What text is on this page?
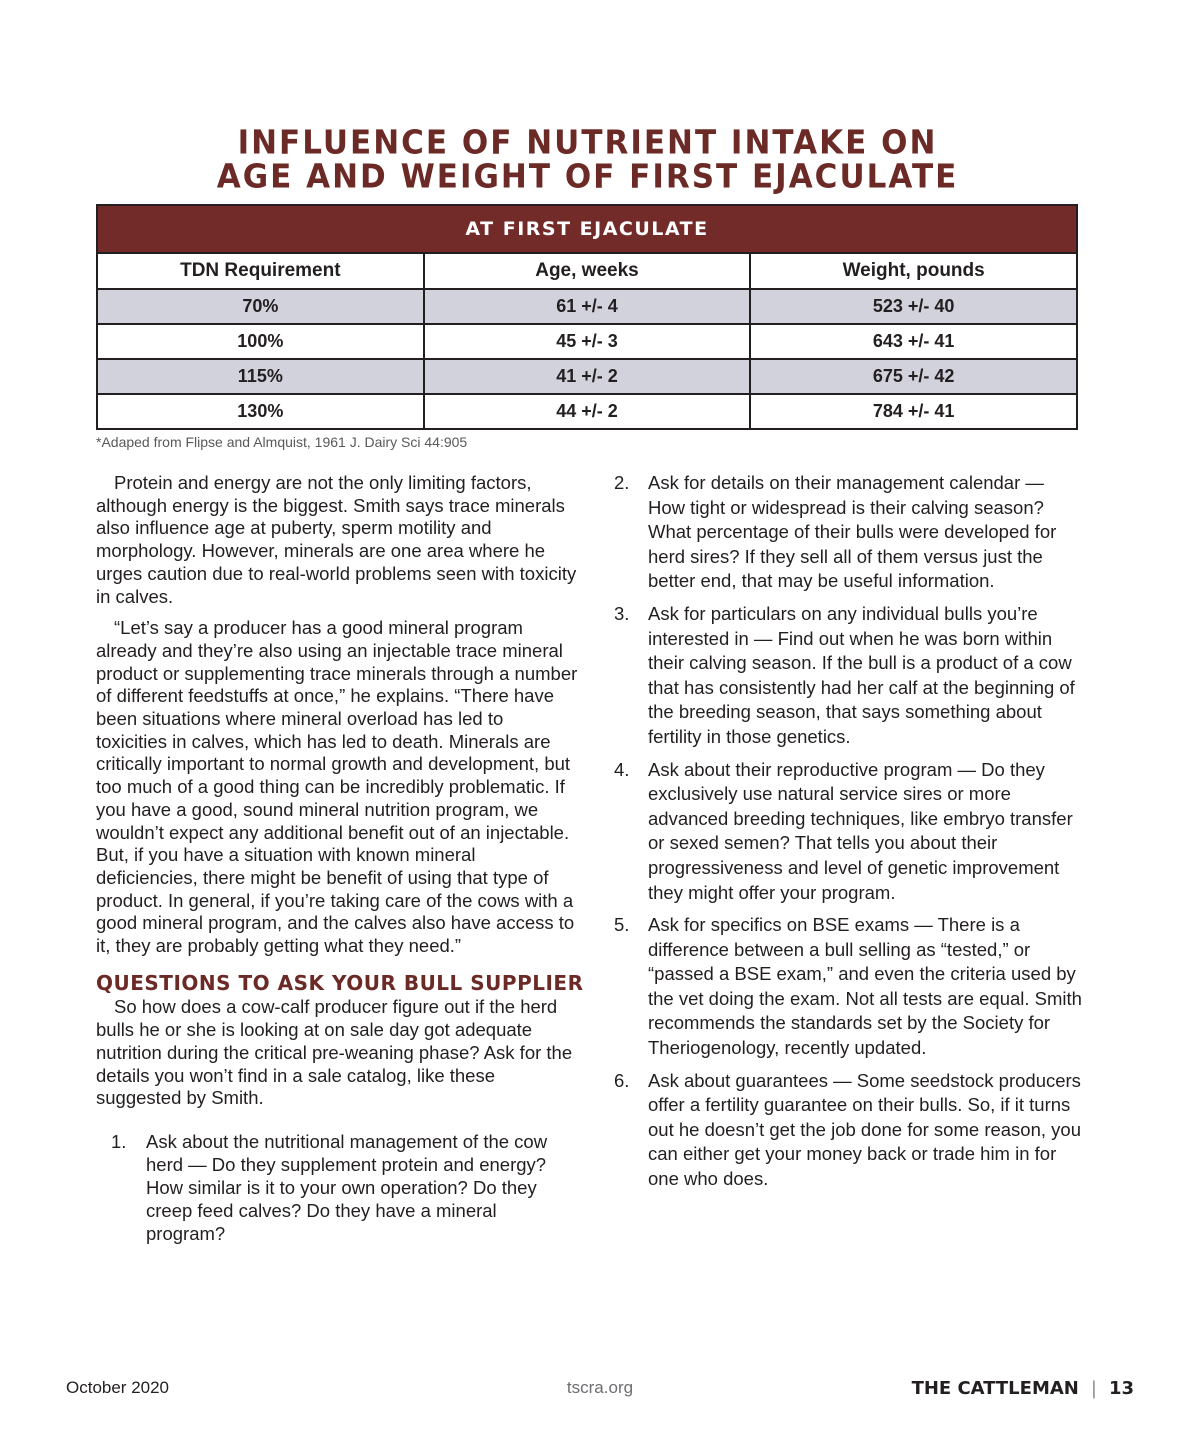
INFLUENCE OF NUTRIENT INTAKE ON
AGE AND WEIGHT OF FIRST EJACULATE
AT FIRST EJACULATE		
TDN Requirement	Age, weeks	Weight, pounds
70%	61 +/- 4	523 +/- 40
100%	45 +/- 3	643 +/- 41
115%	41 +/- 2	675 +/- 42
130%	44 +/- 2	784 +/- 41
*Adaped from Flipse and Almquist, 1961 J. Dairy Sci 44:905

Protein and energy are not the only limiting factors, although energy is the biggest. Smith says trace minerals also influence age at puberty, sperm motility and morphology. However, minerals are one area where he urges caution due to real-world problems seen with toxicity in calves.

“Let’s say a producer has a good mineral program already and they’re also using an injectable trace mineral product or supplementing trace minerals through a number of different feedstuffs at once,” he explains. “There have been situations where mineral overload has led to toxicities in calves, which has led to death. Minerals are critically important to normal growth and development, but too much of a good thing can be incredibly problematic. If you have a good, sound mineral nutrition program, we wouldn’t expect any additional benefit out of an injectable. But, if you have a situation with known mineral deficiencies, there might be benefit of using that type of product. In general, if you’re taking care of the cows with a good mineral program, and the calves also have access to it, they are probably getting what they need.”

QUESTIONS TO ASK YOUR BULL SUPPLIER

So how does a cow-calf producer figure out if the herd bulls he or she is looking at on sale day got adequate nutrition during the critical pre-weaning phase? Ask for the details you won’t find in a sale catalog, like these suggested by Smith.

1. Ask about the nutritional management of the cow herd — Do they supplement protein and energy? How similar is it to your own operation? Do they creep feed calves? Do they have a mineral program?
2. Ask for details on their management calendar — How tight or widespread is their calving season? What percentage of their bulls were developed for herd sires? If they sell all of them versus just the better end, that may be useful information.
3. Ask for particulars on any individual bulls you’re interested in — Find out when he was born within their calving season. If the bull is a product of a cow that has consistently had her calf at the beginning of the breeding season, that says something about fertility in those genetics.
4. Ask about their reproductive program — Do they exclusively use natural service sires or more advanced breeding techniques, like embryo transfer or sexed semen? That tells you about their progressiveness and level of genetic improvement they might offer your program.
5. Ask for specifics on BSE exams — There is a difference between a bull selling as “tested,” or “passed a BSE exam,” and even the criteria used by the vet doing the exam. Not all tests are equal. Smith recommends the standards set by the Society for Theriogenology, recently updated.
6. Ask about guarantees — Some seedstock producers offer a fertility guarantee on their bulls. So, if it turns out he doesn’t get the job done for some reason, you can either get your money back or trade him in for one who does.
October 2020	tscra.org	THE CATTLEMAN | 13
